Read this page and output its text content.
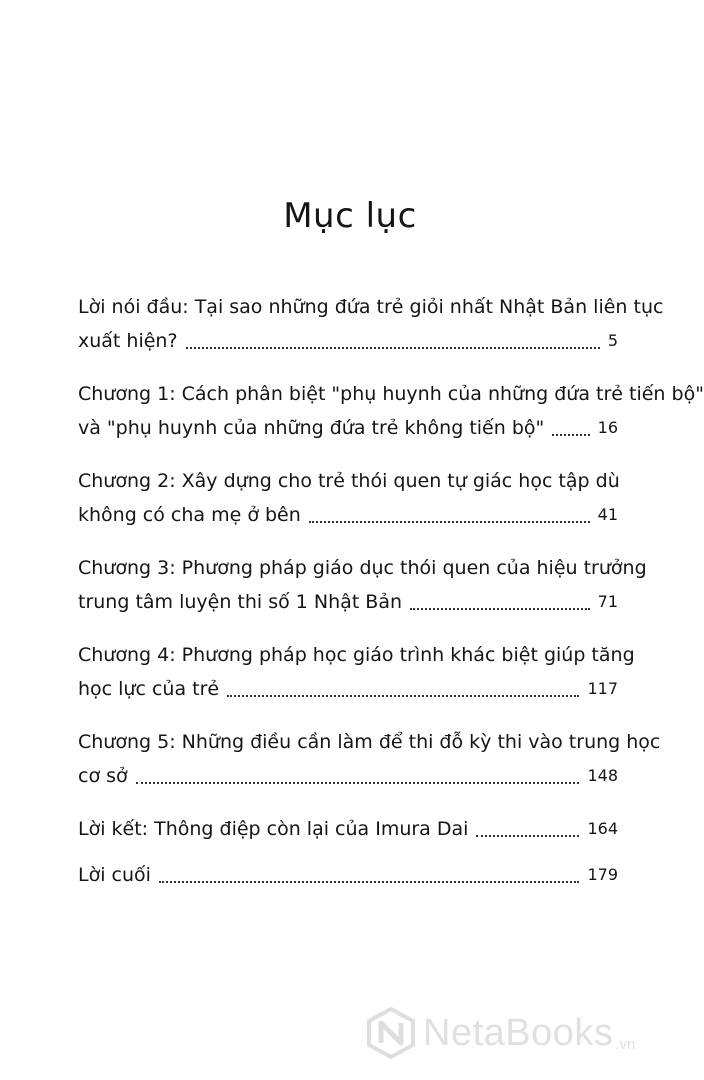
Mục lục
Lời nói đầu: Tại sao những đứa trẻ giỏi nhất Nhật Bản liên tục
xuất hiện?	5
Chương 1: Cách phân biệt "phụ huynh của những đứa trẻ tiến bộ"
và "phụ huynh của những đứa trẻ không tiến bộ"	16
Chương 2: Xây dựng cho trẻ thói quen tự giác học tập dù
không có cha mẹ ở bên	41
Chương 3: Phương pháp giáo dục thói quen của hiệu trưởng
trung tâm luyện thi số 1 Nhật Bản	71
Chương 4: Phương pháp học giáo trình khác biệt giúp tăng
học lực của trẻ	117
Chương 5: Những điều cần làm để thi đỗ kỳ thi vào trung học
cơ sở	148
Lời kết: Thông điệp còn lại của Imura Dai	164
Lời cuối	179
NetaBooks .vn
